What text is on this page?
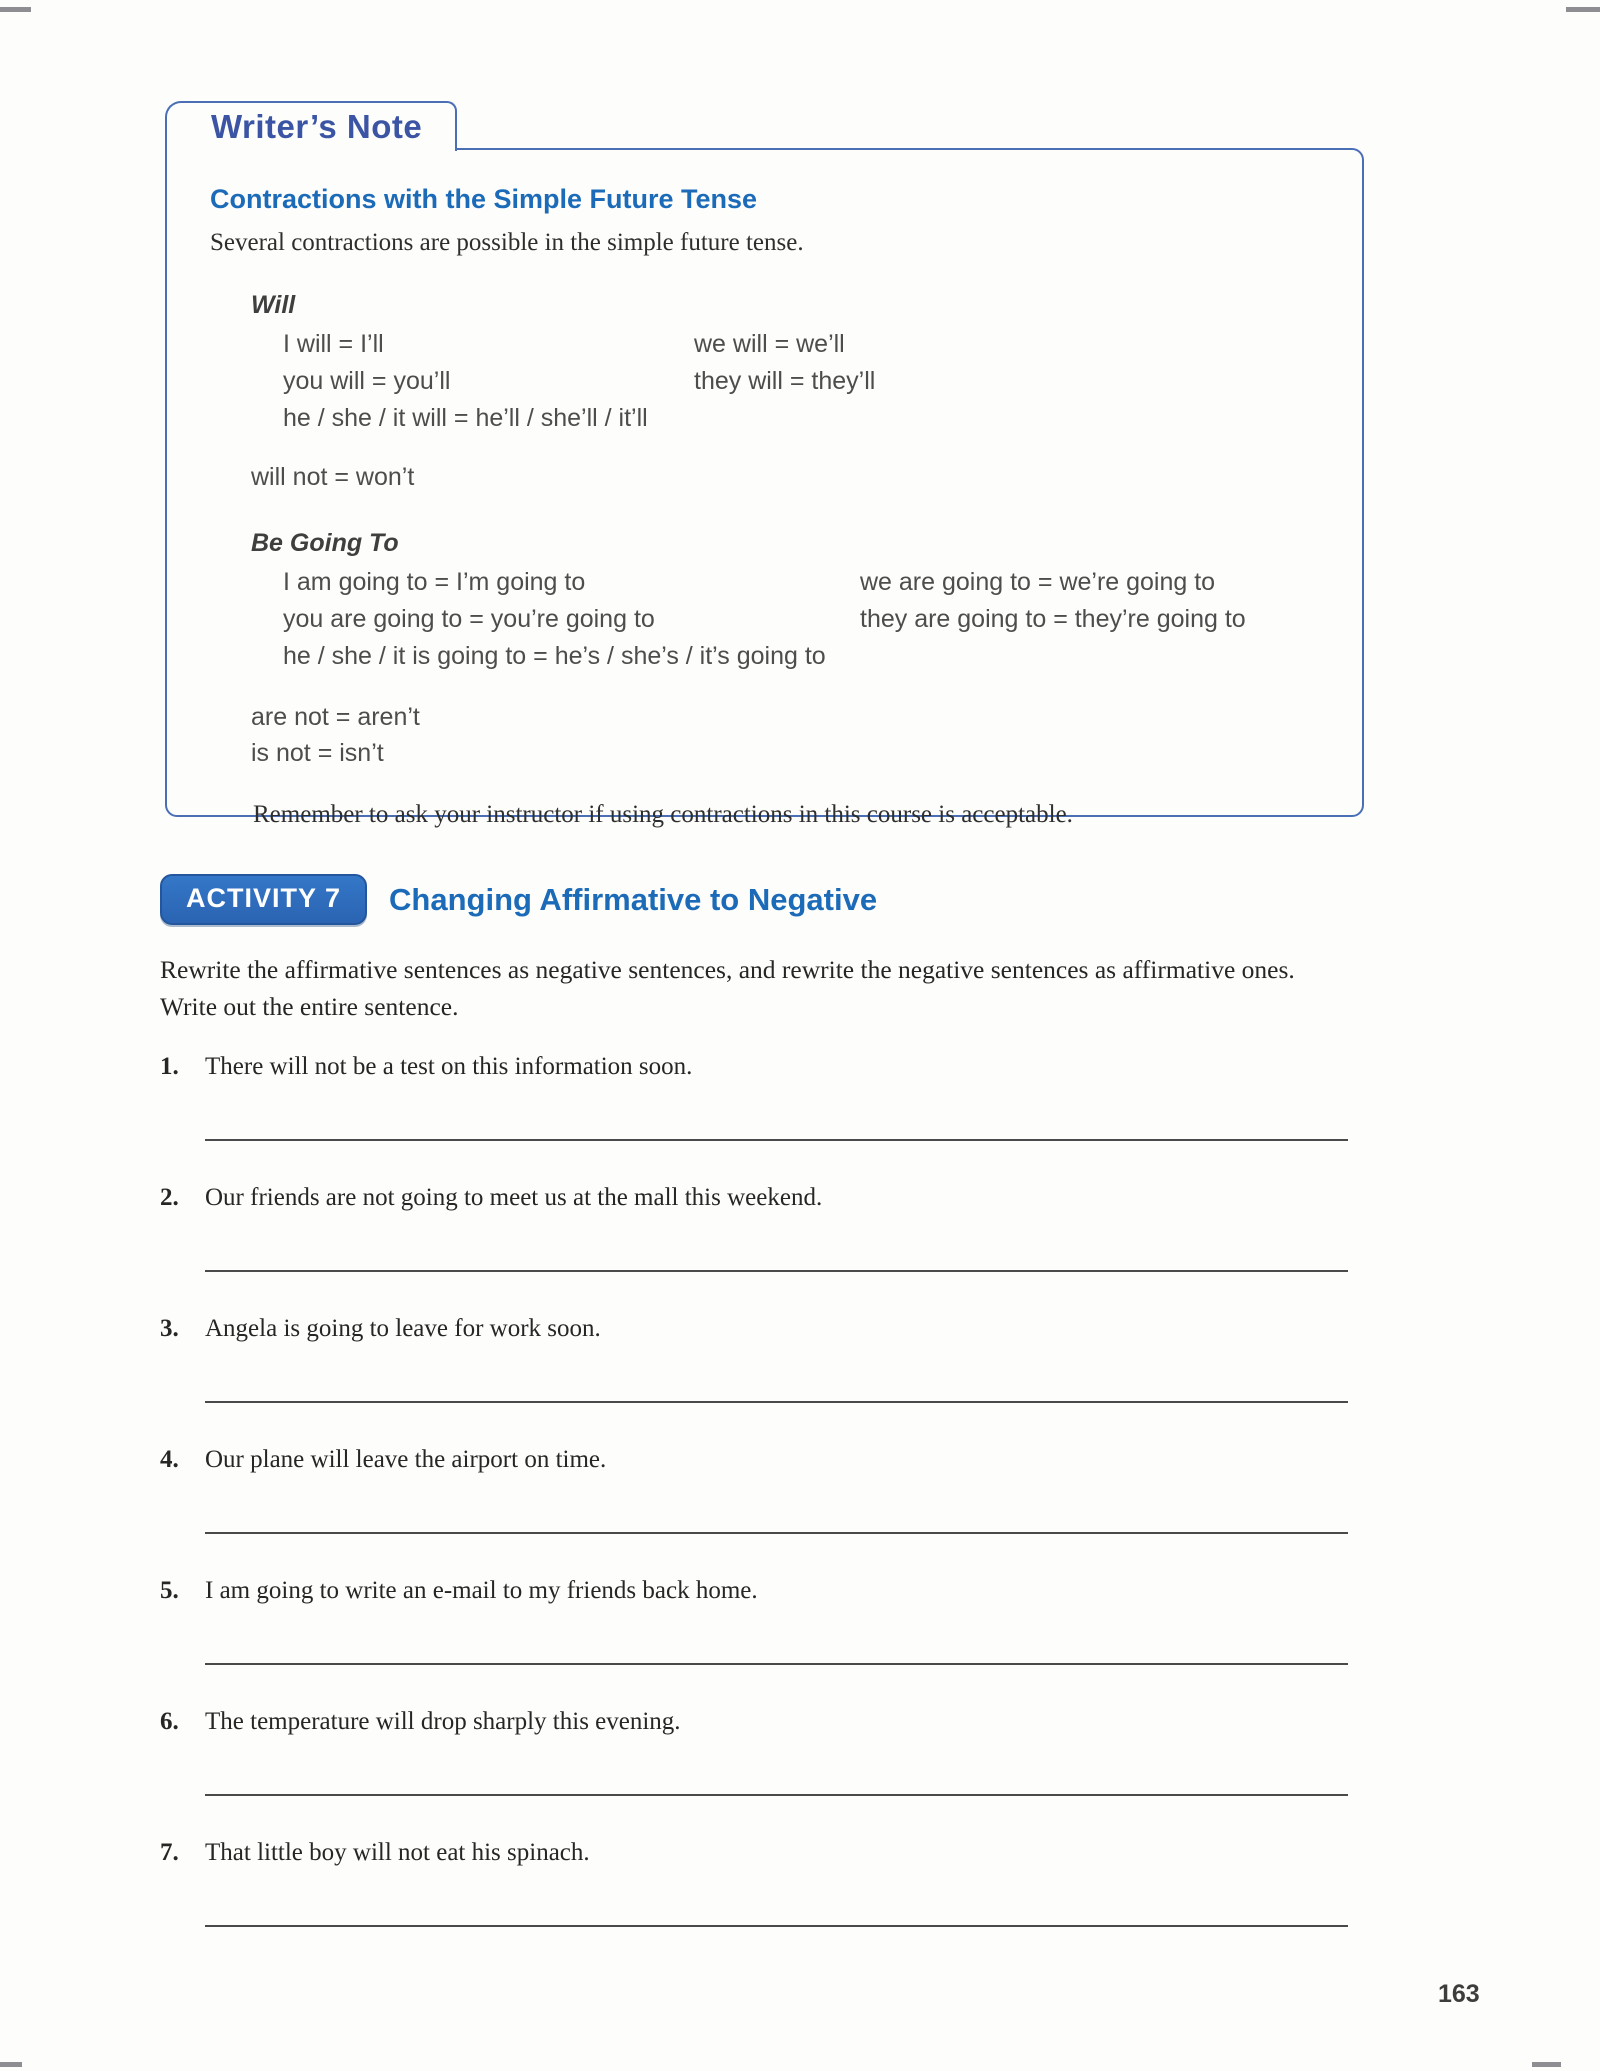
Writer’s Note
Contractions with the Simple Future Tense
Several contractions are possible in the simple future tense.
Will
I will = I’ll	we will = we’ll
you will = you’ll	they will = they’ll
he / she / it will = he’ll / she’ll / it’ll
will not = won’t
Be Going To
I am going to = I’m going to	we are going to = we’re going to
you are going to = you’re going to	they are going to = they’re going to
he / she / it is going to = he’s / she’s / it’s going to
are not = aren’t
is not = isn’t
Remember to ask your instructor if using contractions in this course is acceptable.
ACTIVITY 7	Changing Affirmative to Negative
Rewrite the affirmative sentences as negative sentences, and rewrite the negative sentences as affirmative ones. Write out the entire sentence.
1.	There will not be a test on this information soon.
2.	Our friends are not going to meet us at the mall this weekend.
3.	Angela is going to leave for work soon.
4.	Our plane will leave the airport on time.
5.	I am going to write an e-mail to my friends back home.
6.	The temperature will drop sharply this evening.
7.	That little boy will not eat his spinach.
163
